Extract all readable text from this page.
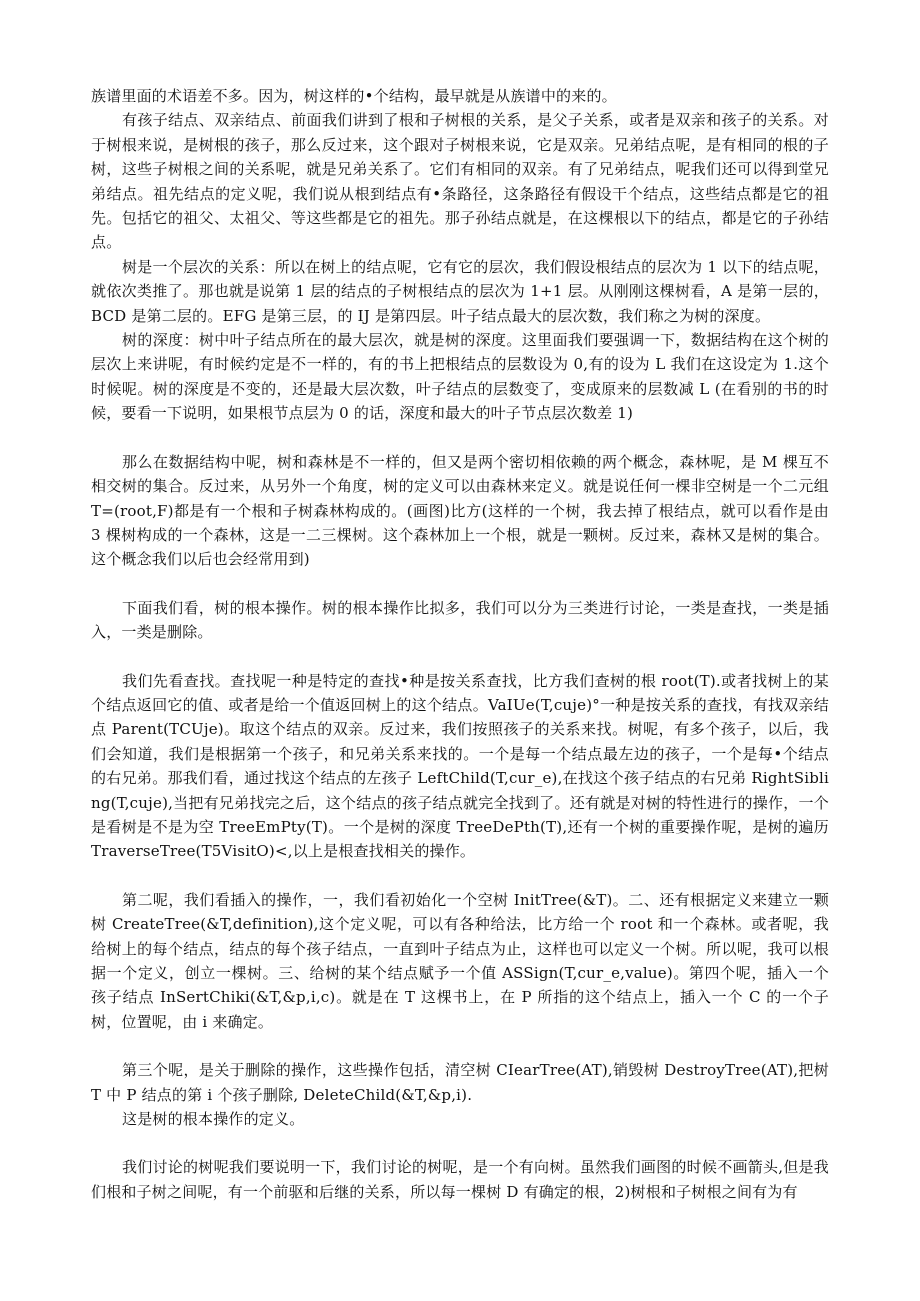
族谱里面的术语差不多。因为，树这样的•个结构，最早就是从族谱中的来的。

有孩子结点、双亲结点、前面我们讲到了根和子树根的关系，是父子关系，或者是双亲和孩子的关系。对于树根来说，是树根的孩子，那么反过来，这个跟对子树根来说，它是双亲。兄弟结点呢，是有相同的根的子树，这些子树根之间的关系呢，就是兄弟关系了。它们有相同的双亲。有了兄弟结点，呢我们还可以得到堂兄弟结点。祖先结点的定义呢，我们说从根到结点有•条路径，这条路径有假设干个结点，这些结点都是它的祖先。包括它的祖父、太祖父、等这些都是它的祖先。那子孙结点就是，在这棵根以下的结点，都是它的子孙结点。

树是一个层次的关系：所以在树上的结点呢，它有它的层次，我们假设根结点的层次为 1 以下的结点呢，就依次类推了。那也就是说第 1 层的结点的子树根结点的层次为 1+1 层。从刚刚这棵树看，A 是第一层的，BCD 是第二层的。EFG 是第三层，的 IJ 是第四层。叶子结点最大的层次数，我们称之为树的深度。

树的深度：树中叶子结点所在的最大层次，就是树的深度。这里面我们要强调一下，数据结构在这个树的层次上来讲呢，有时候约定是不一样的，有的书上把根结点的层数设为 0,有的设为 L 我们在这设定为 1.这个时候呢。树的深度是不变的，还是最大层次数，叶子结点的层数变了，变成原来的层数减 L (在看别的书的时候，要看一下说明，如果根节点层为 0 的话，深度和最大的叶子节点层次数差 1)

那么在数据结构中呢，树和森林是不一样的，但又是两个密切相依赖的两个概念，森林呢，是 M 棵互不相交树的集合。反过来，从另外一个角度，树的定义可以由森林来定义。就是说任何一棵非空树是一个二元组 T=(root,F)都是有一个根和子树森林构成的。(画图)比方(这样的一个树，我去掉了根结点，就可以看作是由 3 棵树构成的一个森林，这是一二三棵树。这个森林加上一个根，就是一颗树。反过来，森林又是树的集合。这个概念我们以后也会经常用到)

下面我们看，树的根本操作。树的根本操作比拟多，我们可以分为三类进行讨论，一类是查找，一类是插入，一类是删除。

我们先看查找。查找呢一种是特定的查找•种是按关系查找，比方我们查树的根 root(T).或者找树上的某个结点返回它的值、或者是给一个值返回树上的这个结点。VaIUe(T,cuje)°一种是按关系的查找，有找双亲结点 Parent(TCUje)。取这个结点的双亲。反过来，我们按照孩子的关系来找。树呢，有多个孩子，以后，我们会知道，我们是根据第一个孩子，和兄弟关系来找的。一个是每一个结点最左边的孩子，一个是每•个结点的右兄弟。那我们看，通过找这个结点的左孩子 LeftChild(T,cur_e),在找这个孩子结点的右兄弟 RightSibling(T,cuje),当把有兄弟找完之后，这个结点的孩子结点就完全找到了。还有就是对树的特性进行的操作，一个是看树是不是为空 TreeEmPty(T)。一个是树的深度 TreeDePth(T),还有一个树的重要操作呢，是树的遍历 TraverseTree(T5VisitO)<,以上是根查找相关的操作。

第二呢，我们看插入的操作，一，我们看初始化一个空树 InitTree(&T)。二、还有根据定义来建立一颗树 CreateTree(&T,definition),这个定义呢，可以有各种给法，比方给一个 root 和一个森林。或者呢，我给树上的每个结点，结点的每个孩子结点，一直到叶子结点为止，这样也可以定义一个树。所以呢，我可以根据一个定义，创立一棵树。三、给树的某个结点赋予一个值 ASSign(T,cur_e,value)。第四个呢，插入一个孩子结点 InSertChiki(&T,&p,i,c)。就是在 T 这棵书上，在 P 所指的这个结点上，插入一个 C 的一个子树，位置呢，由 i 来确定。

第三个呢，是关于删除的操作，这些操作包括，清空树 CIearTree(AT),销毁树 DestroyTree(AT),把树 T 中 P 结点的第 i 个孩子删除, DeleteChild(&T,&p,i).

这是树的根本操作的定义。

我们讨论的树呢我们要说明一下，我们讨论的树呢，是一个有向树。虽然我们画图的时候不画箭头,但是我们根和子树之间呢，有一个前驱和后继的关系，所以每一棵树 D 有确定的根，2)树根和子树根之间有为有
